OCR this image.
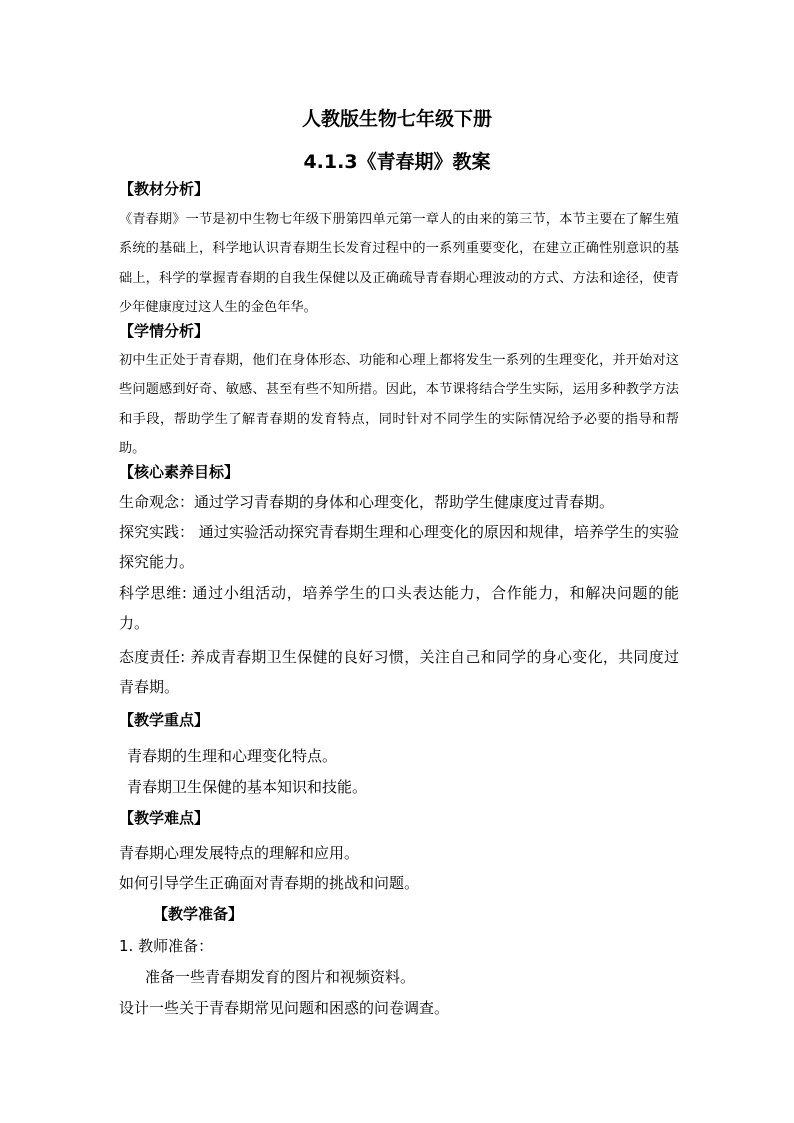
人教版生物七年级下册
4.1.3《青春期》教案
【教材分析】

《青春期》一节是初中生物七年级下册第四单元第一章人的由来的第三节，本节主要在了解生殖系统的基础上，科学地认识青春期生长发育过程中的一系列重要变化，在建立正确性别意识的基础上，科学的掌握青春期的自我生保健以及正确疏导青春期心理波动的方式、方法和途径，使青少年健康度过这人生的金色年华。

【学情分析】

初中生正处于青春期，他们在身体形态、功能和心理上都将发生一系列的生理变化，并开始对这些问题感到好奇、敏感、甚至有些不知所措。因此，本节课将结合学生实际，运用多种教学方法和手段，帮助学生了解青春期的发育特点，同时针对不同学生的实际情况给予必要的指导和帮助。

【核心素养目标】

生命观念：通过学习青春期的身体和心理变化，帮助学生健康度过青春期。

探究实践： 通过实验活动探究青春期生理和心理变化的原因和规律，培养学生的实验探究能力。

科学思维: 通过小组活动，培养学生的口头表达能力，合作能力，和解决问题的能力。

态度责任: 养成青春期卫生保健的良好习惯，关注自己和同学的身心变化，共同度过青春期。

【教学重点】
青春期的生理和心理变化特点。
青春期卫生保健的基本知识和技能。
【教学难点】
青春期心理发展特点的理解和应用。
如何引导学生正确面对青春期的挑战和问题。
【教学准备】
1. 教师准备：
准备一些青春期发育的图片和视频资料。
设计一些关于青春期常见问题和困惑的问卷调查。
